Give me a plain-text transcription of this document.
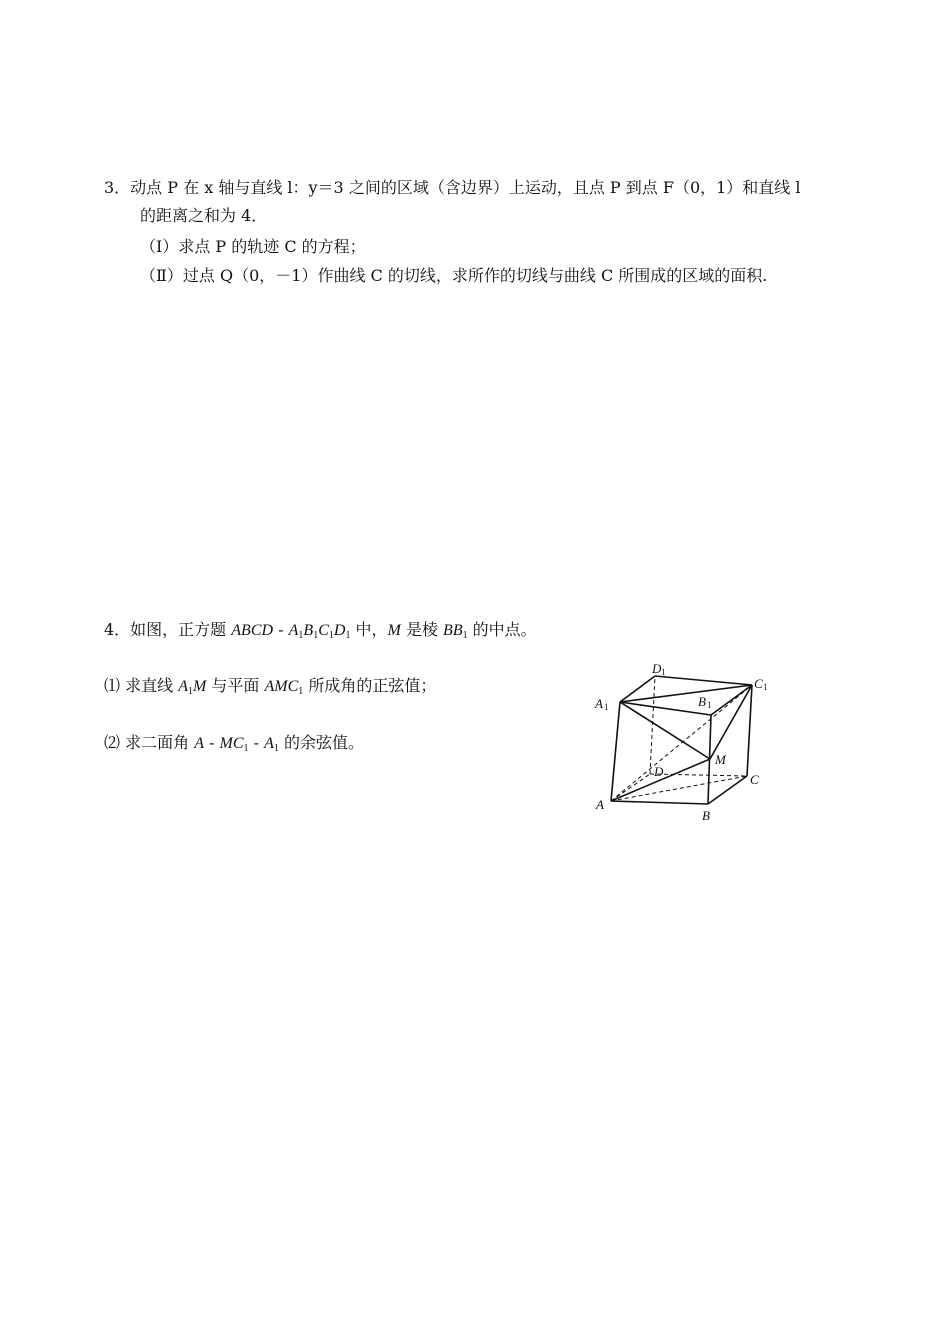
3．动点 P 在 x 轴与直线 l：y＝3 之间的区域（含边界）上运动，且点 P 到点 F（0，1）和直线 l
的距离之和为 4．
（Ⅰ）求点 P 的轨迹 C 的方程；
（Ⅱ）过点 Q（0，－1）作曲线 C 的切线，求所作的切线与曲线 C 所围成的区域的面积.
4．如图，正方题 ABCD - $A_1B_1C_1D_1$ 中，M 是棱 $BB_1$ 的中点。
⑴ 求直线 $A_1M$ 与平面 $AMC_1$ 所成角的正弦值；
⑵ 求二面角 A - $MC_1 - A_1$ 的余弦值。
D 1
C 1
A 1	B 1
D
M
C
A
B
